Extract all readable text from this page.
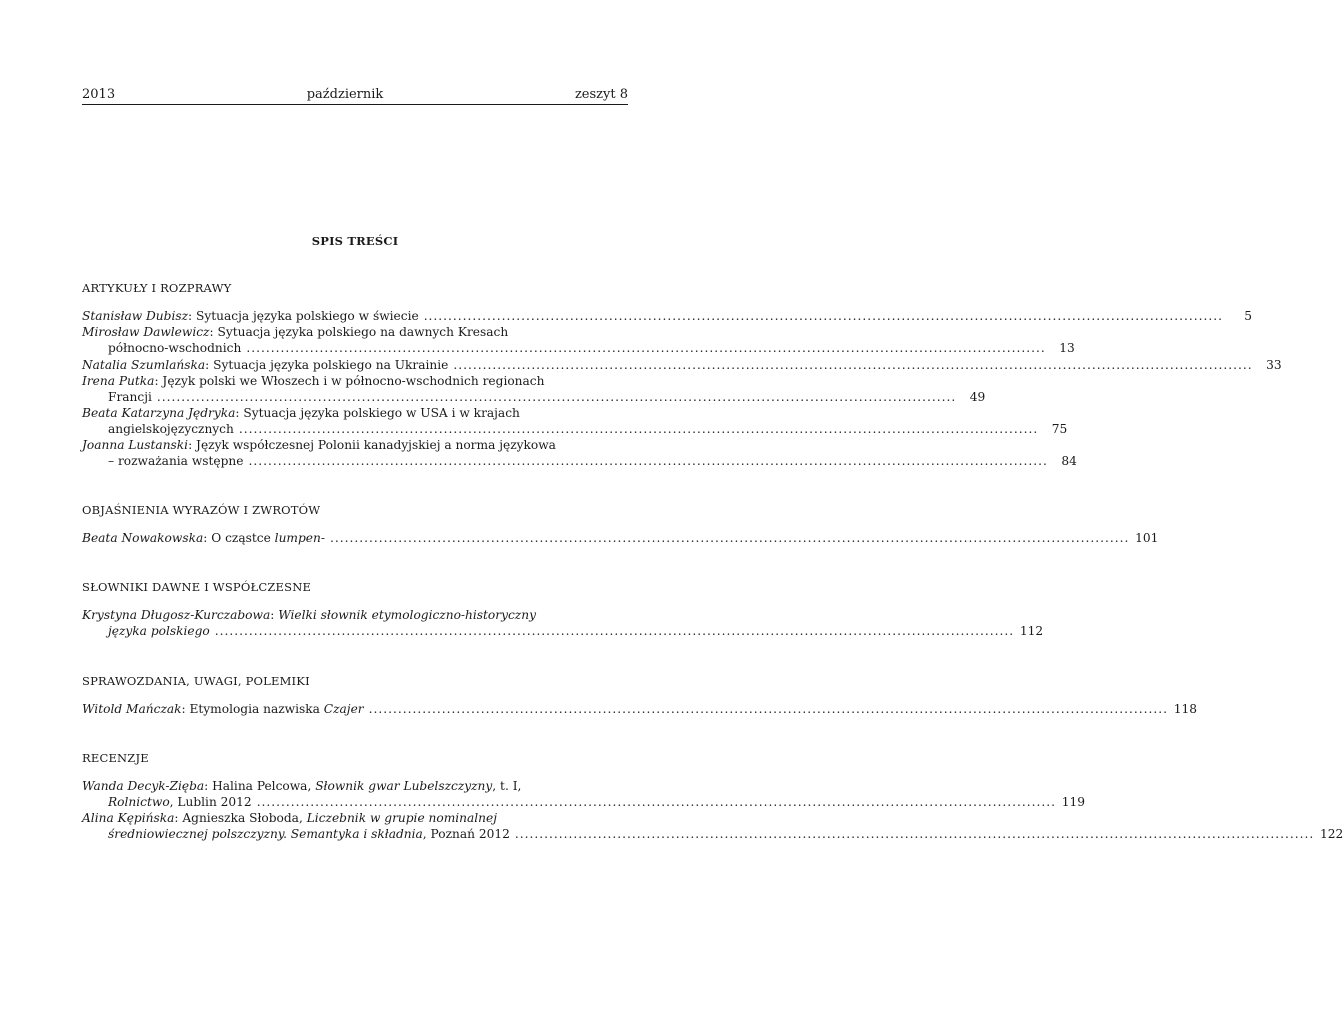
2013	październik	zeszyt 8
SPIS TREŚCI
ARTYKUŁY I ROZPRAWY
Stanisław Dubisz: Sytuacja języka polskiego w świecie ....................................................................................................................................................................	5
Mirosław Dawlewicz: Sytuacja języka polskiego na dawnych Kresach
północno-wschodnich ....................................................................................................................................................................	13
Natalia Szumlańska: Sytuacja języka polskiego na Ukrainie ....................................................................................................................................................................	33
Irena Putka: Język polski we Włoszech i w północno-wschodnich regionach
Francji ....................................................................................................................................................................	49
Beata Katarzyna Jędryka: Sytuacja języka polskiego w USA i w krajach
angielskojęzycznych ....................................................................................................................................................................	75
Joanna Lustanski: Język współczesnej Polonii kanadyjskiej a norma językowa
– rozważania wstępne ....................................................................................................................................................................	84
OBJAŚNIENIA WYRAZÓW I ZWROTÓW
Beata Nowakowska: O cząstce lumpen- .................................................................................................................................................................... 101
SŁOWNIKI DAWNE I WSPÓŁCZESNE
Krystyna Długosz-Kurczabowa: Wielki słownik etymologiczno-historyczny
języka polskiego .................................................................................................................................................................... 112
SPRAWOZDANIA, UWAGI, POLEMIKI
Witold Mańczak: Etymologia nazwiska Czajer .................................................................................................................................................................... 118
RECENZJE
Wanda Decyk-Zięba: Halina Pelcowa, Słownik gwar Lubelszczyzny, t. I,
Rolnictwo, Lublin 2012 .................................................................................................................................................................... 119
Alina Kępińska: Agnieszka Słoboda, Liczebnik w grupie nominalnej
średniowiecznej polszczyzny. Semantyka i składnia, Poznań 2012 .................................................................................................................................................................... 122
